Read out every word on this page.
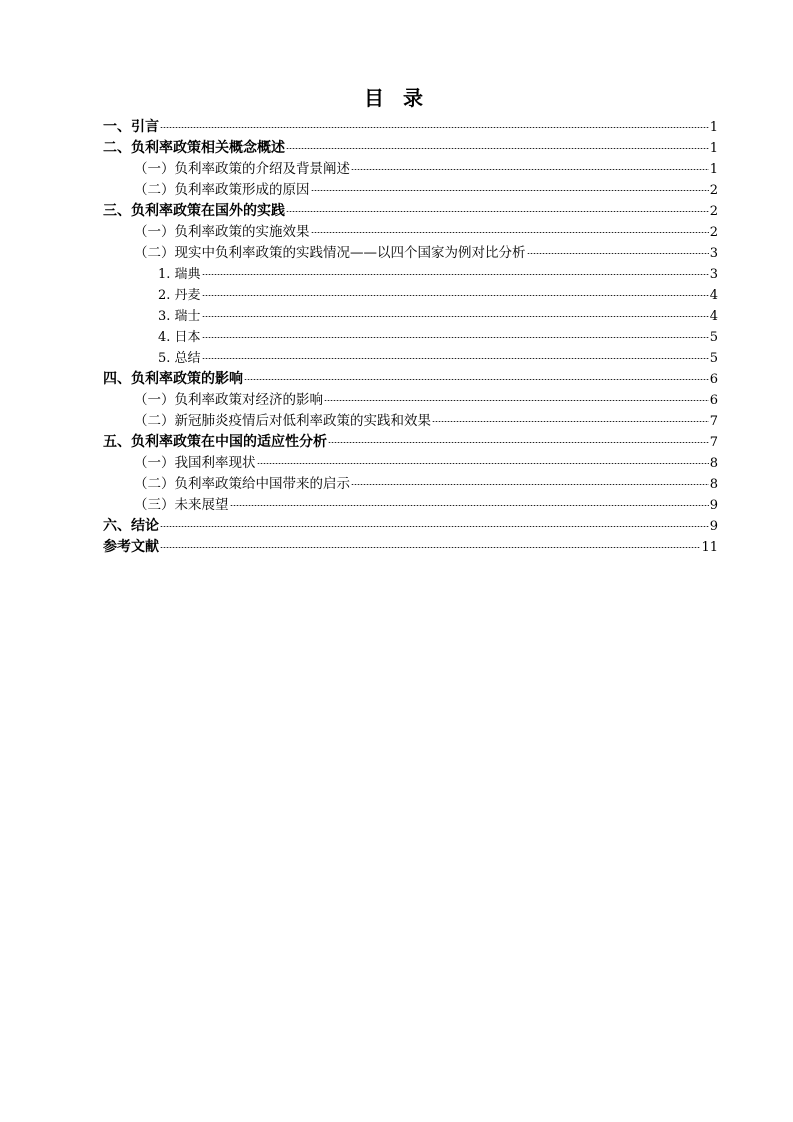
目 录
一、引言	1
二、负利率政策相关概念概述	1
（一）负利率政策的介绍及背景阐述	1
（二）负利率政策形成的原因	2
三、负利率政策在国外的实践	2
（一）负利率政策的实施效果	2
（二）现实中负利率政策的实践情况——以四个国家为例对比分析	3
1. 瑞典	3
2. 丹麦	4
3. 瑞士	4
4. 日本	5
5. 总结	5
四、负利率政策的影响	6
（一）负利率政策对经济的影响	6
（二）新冠肺炎疫情后对低利率政策的实践和效果	7
五、负利率政策在中国的适应性分析	7
（一）我国利率现状	8
（二）负利率政策给中国带来的启示	8
（三）未来展望	9
六、结论	9
参考文献	11
